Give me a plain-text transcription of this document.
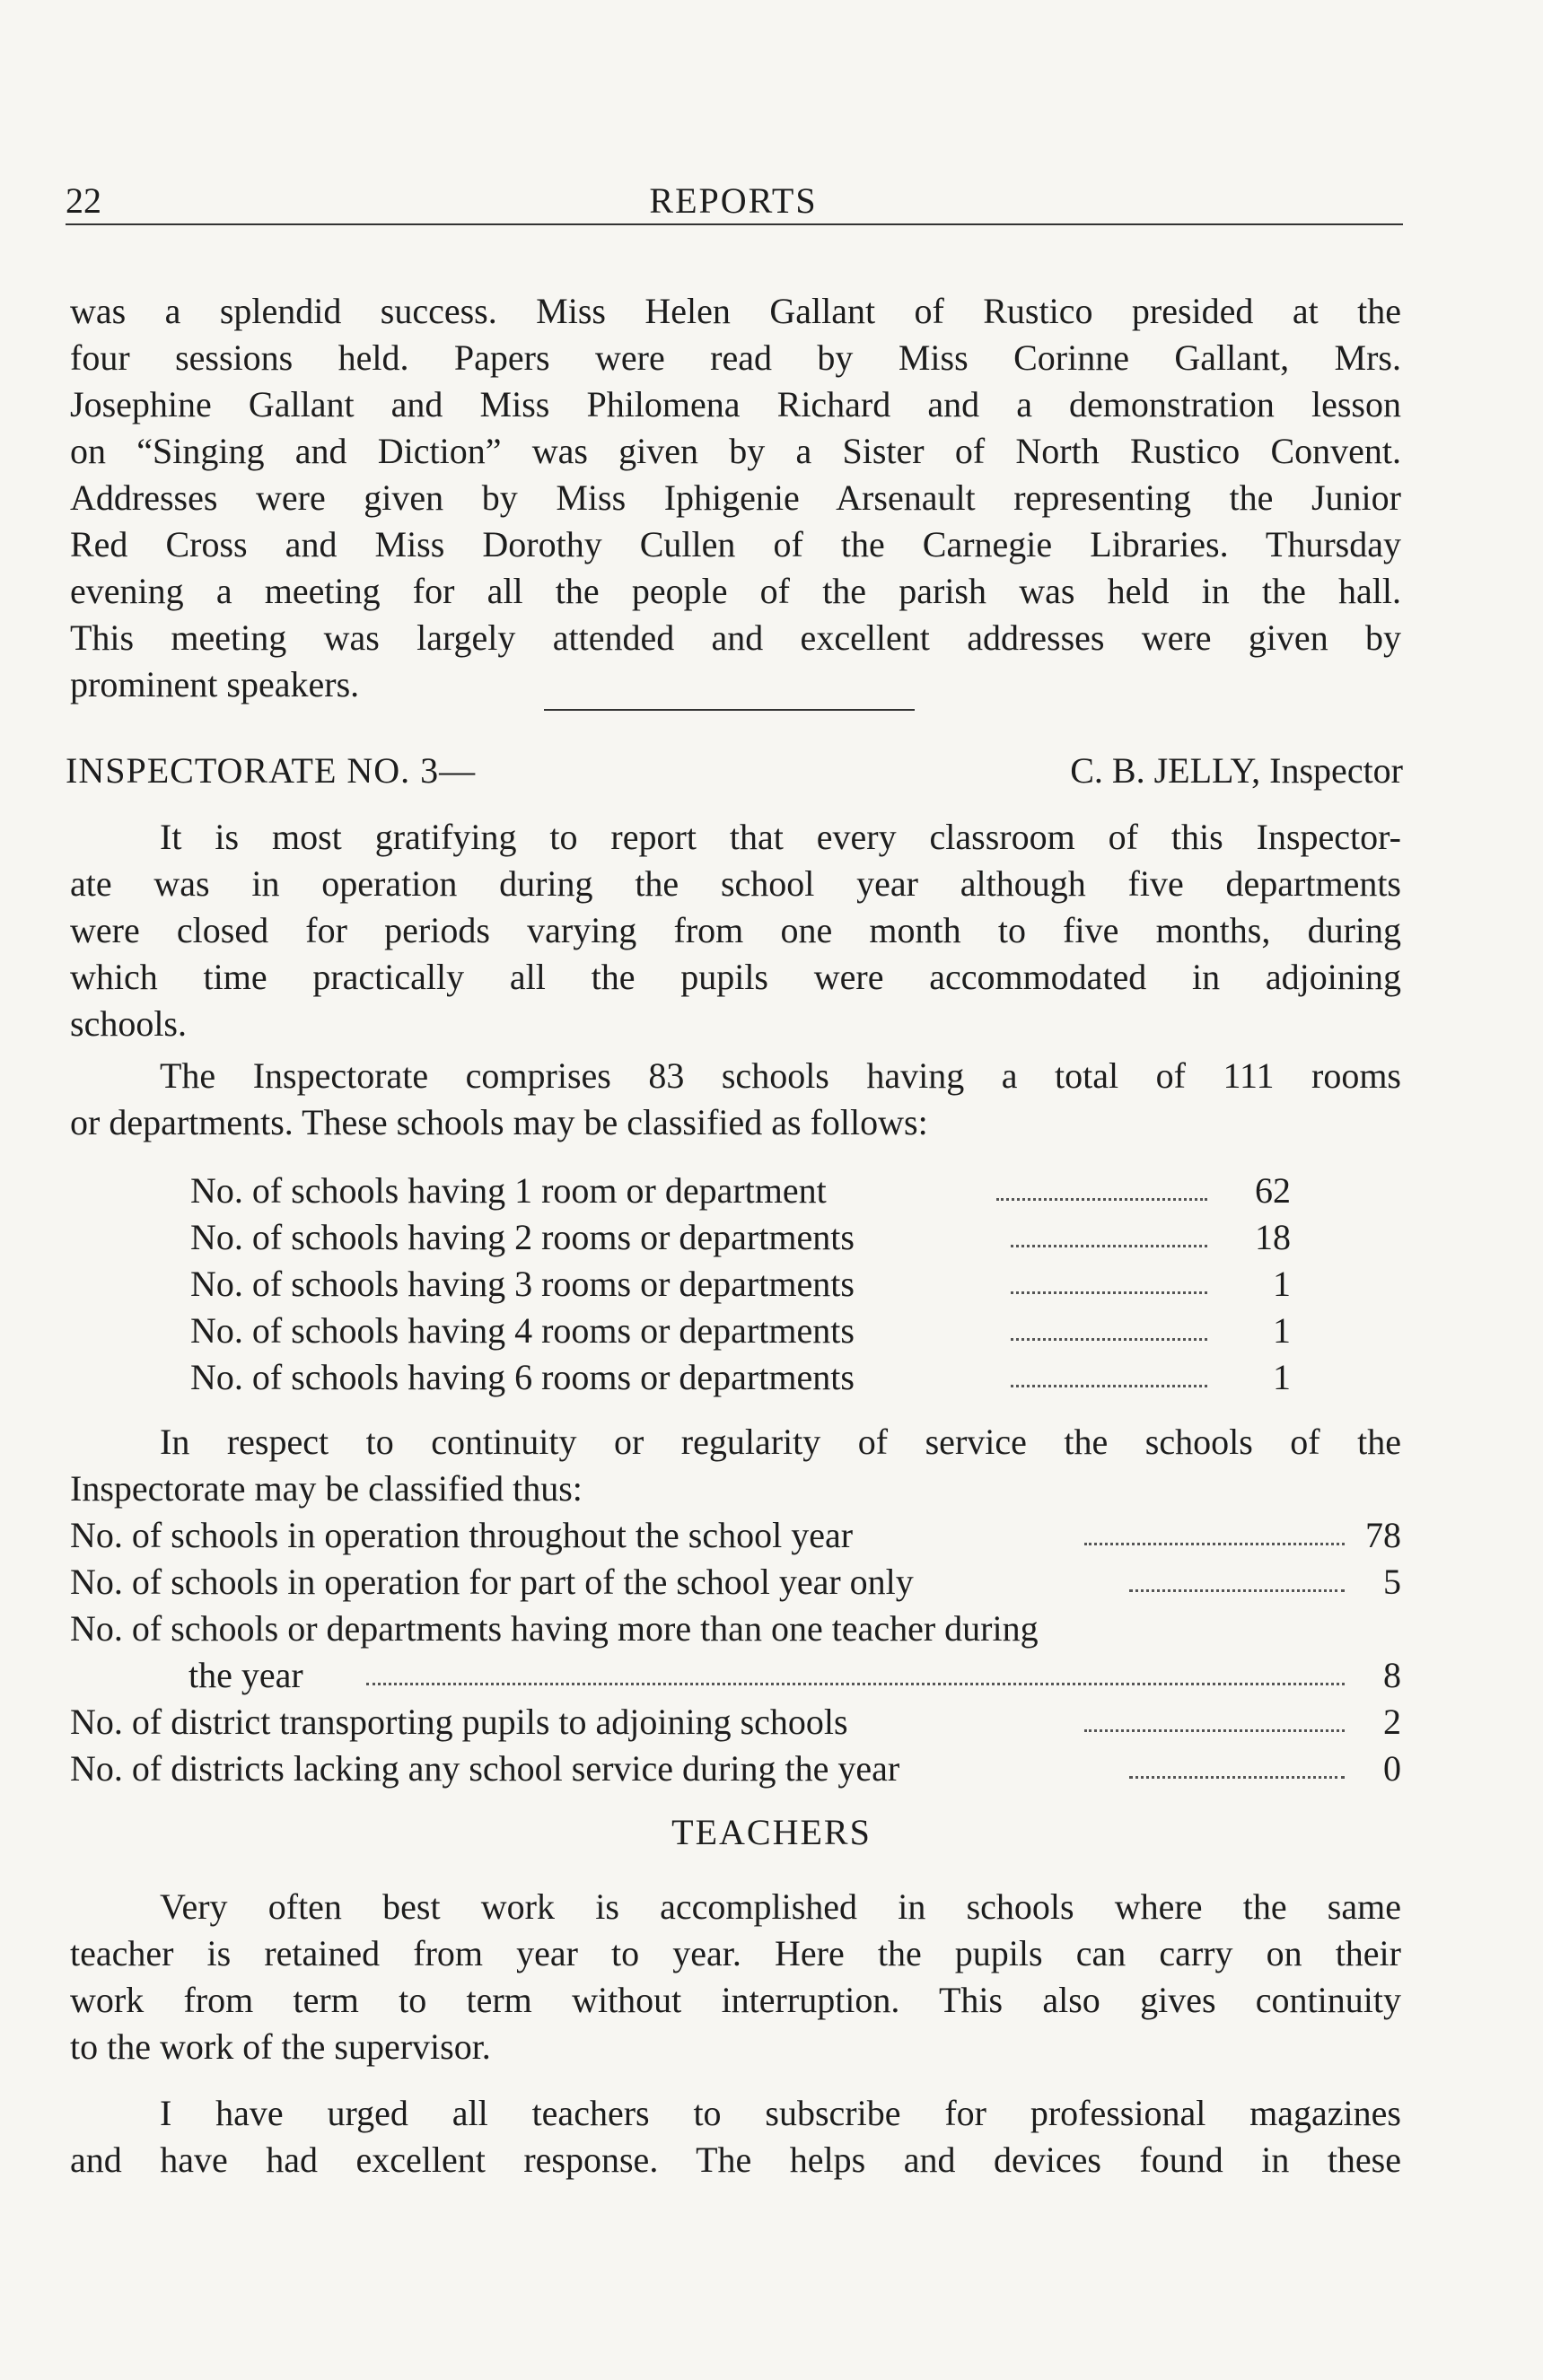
22	REPORTS
was a splendid success. Miss Helen Gallant of Rustico presided at the
four sessions held. Papers were read by Miss Corinne Gallant, Mrs.
Josephine Gallant and Miss Philomena Richard and a demonstration lesson
on “Singing and Diction” was given by a Sister of North Rustico Convent.
Addresses were given by Miss Iphigenie Arsenault representing the Junior
Red Cross and Miss Dorothy Cullen of the Carnegie Libraries. Thursday
evening a meeting for all the people of the parish was held in the hall.
This meeting was largely attended and excellent addresses were given by
prominent speakers.
INSPECTORATE NO. 3—	C. B. JELLY, Inspector
It is most gratifying to report that every classroom of this Inspector-
ate was in operation during the school year although five departments
were closed for periods varying from one month to five months, during
which time practically all the pupils were accommodated in adjoining
schools.
The Inspectorate comprises 83 schools having a total of 111 rooms
or departments. These schools may be classified as follows:
No. of schools having 1 room or department	62
No. of schools having 2 rooms or departments	18
No. of schools having 3 rooms or departments	1
No. of schools having 4 rooms or departments	1
No. of schools having 6 rooms or departments	1
In respect to continuity or regularity of service the schools of the
Inspectorate may be classified thus:
No. of schools in operation throughout the school year	78
No. of schools in operation for part of the school year only	5
No. of schools or departments having more than one teacher during
the year	8
No. of district transporting pupils to adjoining schools	2
No. of districts lacking any school service during the year	0
TEACHERS
Very often best work is accomplished in schools where the same
teacher is retained from year to year. Here the pupils can carry on their
work from term to term without interruption. This also gives continuity
to the work of the supervisor.
I have urged all teachers to subscribe for professional magazines
and have had excellent response. The helps and devices found in these
